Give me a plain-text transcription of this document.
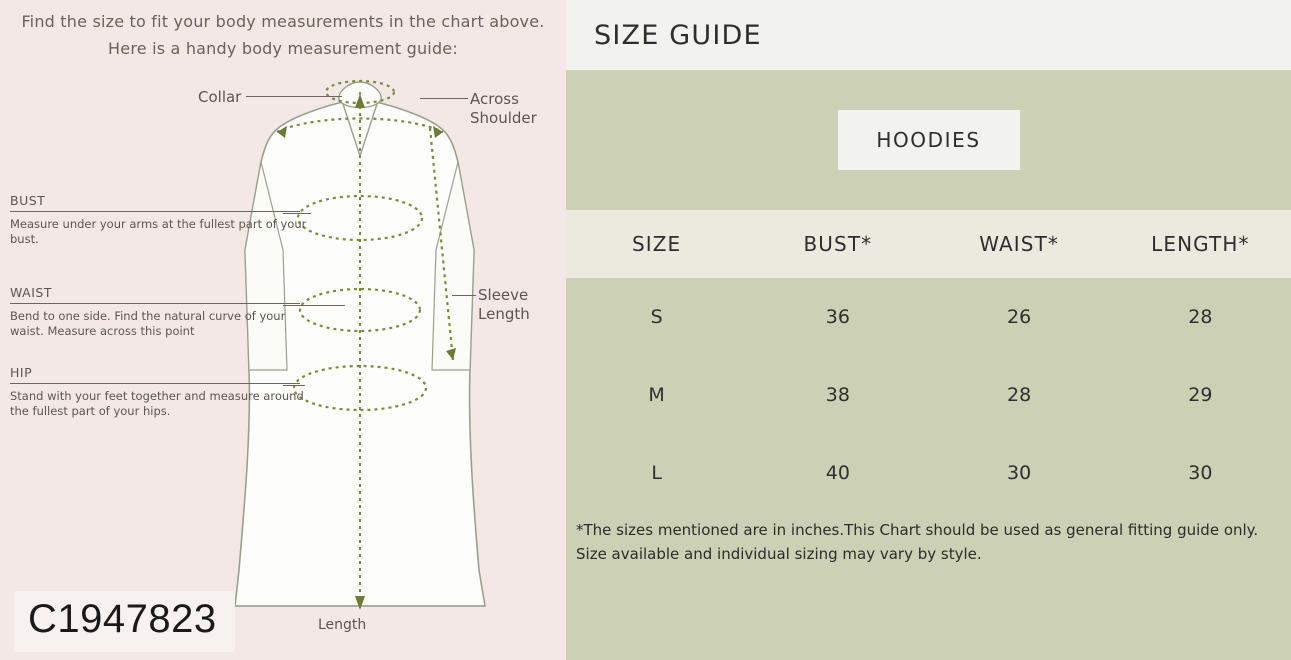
Find the size to fit your body measurements in the chart above.
Here is a handy body measurement guide:
Collar	Across Shoulder
Sleeve Length
Length
BUST
Measure under your arms at the fullest part of your bust.
WAIST
Bend to one side. Find the natural curve of your waist. Measure across this point
HIP
Stand with your feet together and measure around the fullest part of your hips.
C1947823
SIZE GUIDE
HOODIES
SIZE	BUST*	WAIST*	LENGTH*
S	36	26	28
M	38	28	29
L	40	30	30
*The sizes mentioned are in inches.This Chart should be used as general fitting guide only. Size available and individual sizing may vary by style.
